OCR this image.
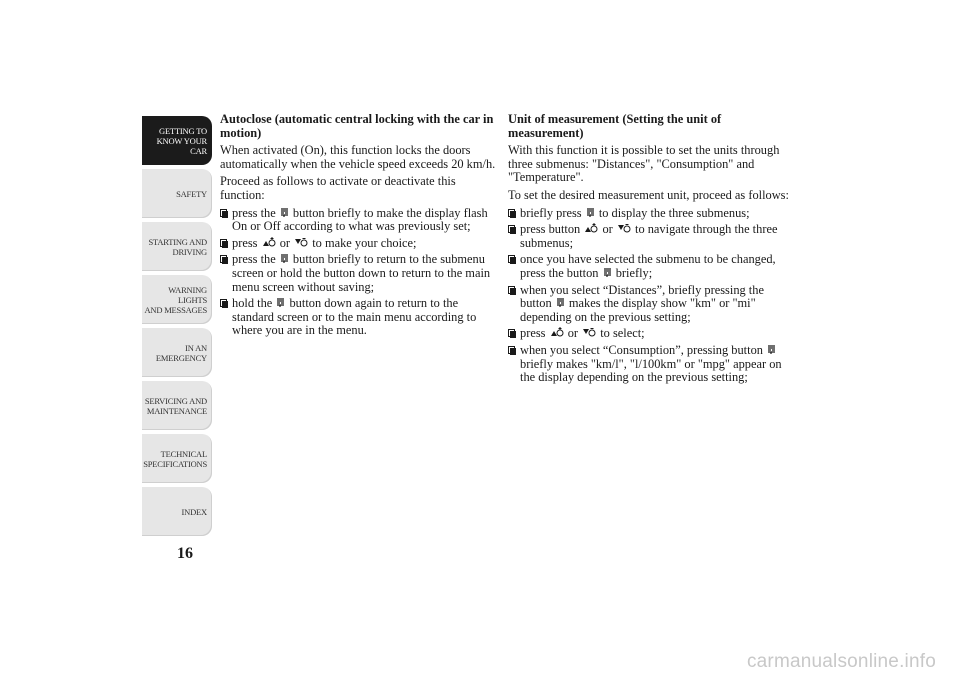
GETTING TO
KNOW YOUR CAR
SAFETY
STARTING AND
DRIVING
WARNING LIGHTS
AND MESSAGES
IN AN EMERGENCY
SERVICING AND
MAINTENANCE
TECHNICAL
SPECIFICATIONS
INDEX
16

Autoclose (automatic central locking with the car in motion)

When activated (On), this function locks the doors automatically when the vehicle speed exceeds 20 km/h.

Proceed as follows to activate or deactivate this function:

press the button briefly to make the display flash On or Off according to what was previously set;
press or to make your choice;
press the button briefly to return to the submenu screen or hold the button down to return to the main menu screen without saving;
hold the button down again to return to the standard screen or to the main menu according to where you are in the menu.

Unit of measurement (Setting the unit of measurement)

With this function it is possible to set the units through three submenus: "Distances", "Consumption" and "Temperature".

To set the desired measurement unit, proceed as follows:

briefly press to display the three submenus;
press button or to navigate through the three submenus;
once you have selected the submenu to be changed, press the button briefly;
when you select “Distances”, briefly pressing the button makes the display show "km" or "mi" depending on the previous setting;
press or to select;
when you select “Consumption”, pressing button  briefly makes "km/l", "l/100km" or "mpg" appear on the display depending on the previous setting;
carmanualsonline.info
